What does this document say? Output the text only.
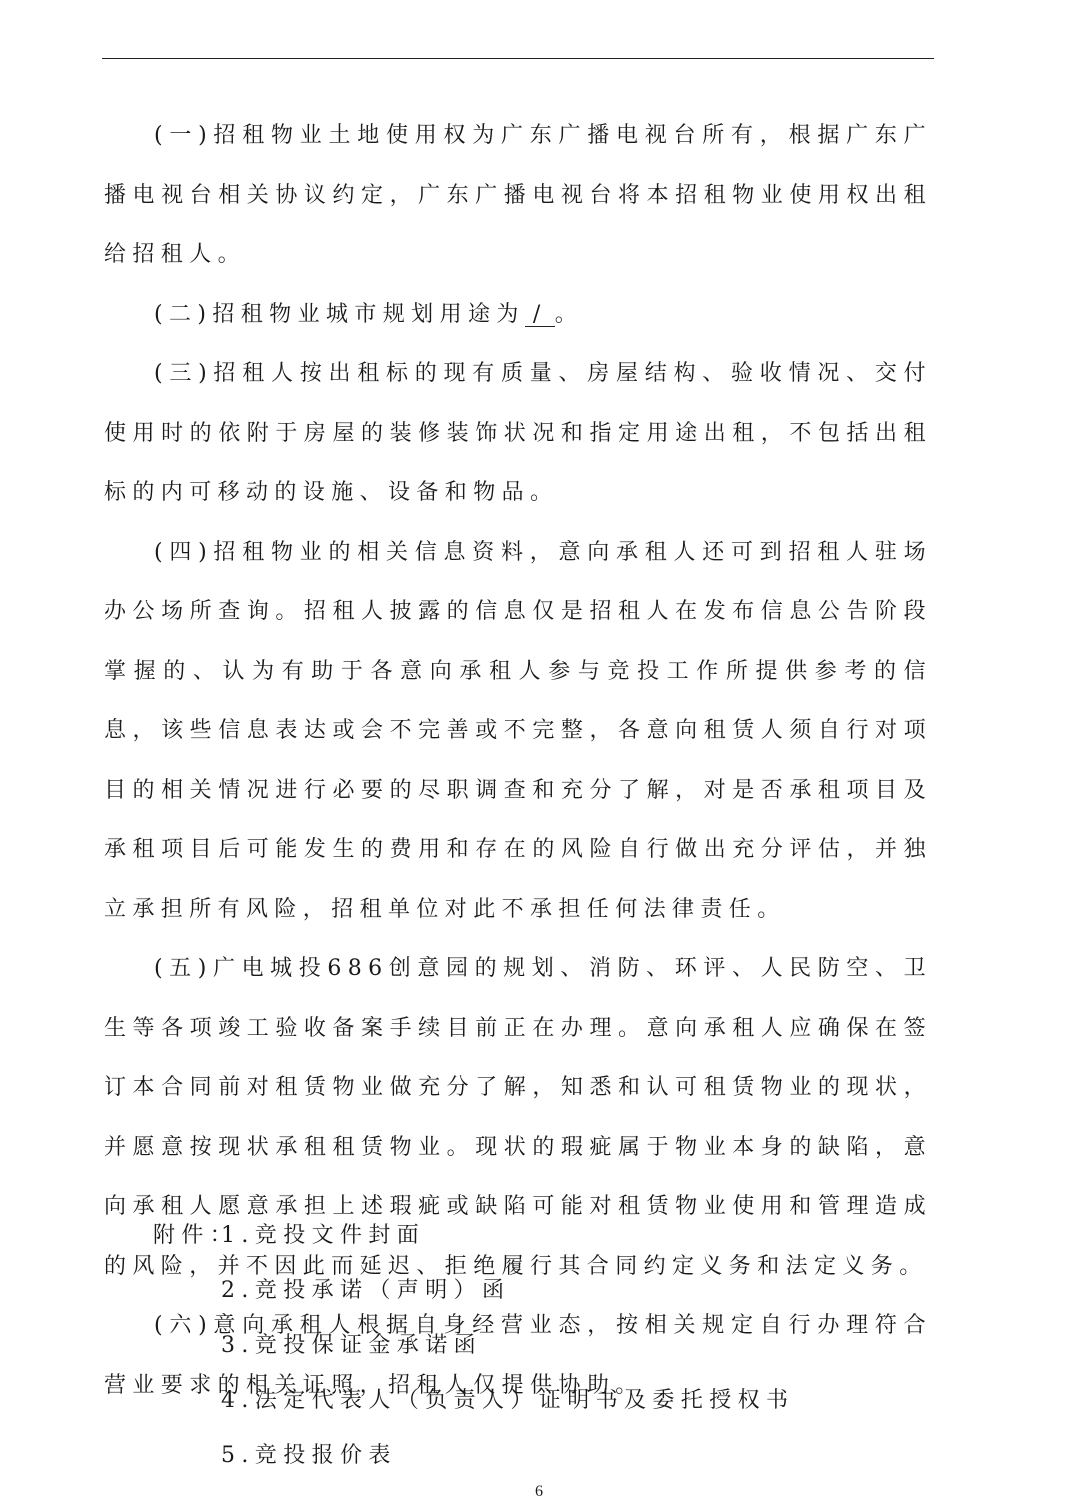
(一)招租物业土地使用权为广东广播电视台所有，根据广东广播电视台相关协议约定，广东广播电视台将本招租物业使用权出租给招租人。

(二)招租物业城市规划用途为 / 。

(三)招租人按出租标的现有质量、房屋结构、验收情况、交付使用时的依附于房屋的装修装饰状况和指定用途出租，不包括出租标的内可移动的设施、设备和物品。

(四)招租物业的相关信息资料，意向承租人还可到招租人驻场办公场所查询。招租人披露的信息仅是招租人在发布信息公告阶段掌握的、认为有助于各意向承租人参与竞投工作所提供参考的信息，该些信息表达或会不完善或不完整，各意向租赁人须自行对项目的相关情况进行必要的尽职调查和充分了解，对是否承租项目及承租项目后可能发生的费用和存在的风险自行做出充分评估，并独立承担所有风险，招租单位对此不承担任何法律责任。

(五)广电城投686创意园的规划、消防、环评、人民防空、卫生等各项竣工验收备案手续目前正在办理。意向承租人应确保在签订本合同前对租赁物业做充分了解，知悉和认可租赁物业的现状，并愿意按现状承租租赁物业。现状的瑕疵属于物业本身的缺陷，意向承租人愿意承担上述瑕疵或缺陷可能对租赁物业使用和管理造成的风险，并不因此而延迟、拒绝履行其合同约定义务和法定义务。

(六)意向承租人根据自身经营业态，按相关规定自行办理符合营业要求的相关证照，招租人仅提供协助。

附件：
1.竞投文件封面
2.竞投承诺（声明）函
3.竞投保证金承诺函
4.法定代表人（负责人）证明书及委托授权书
5.竞投报价表
6
